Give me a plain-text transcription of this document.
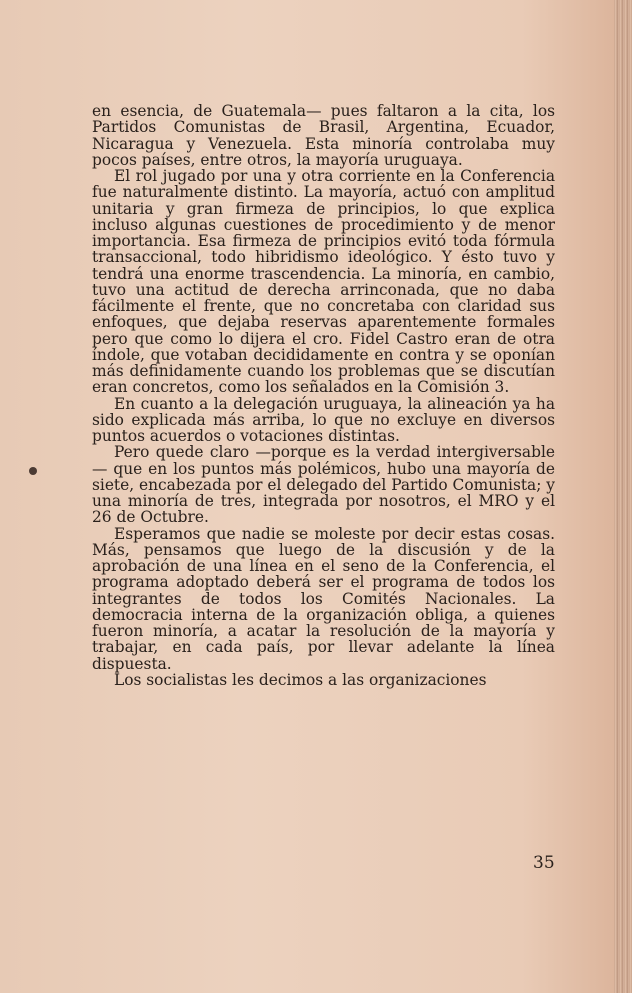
en esencia, de Guatemala— pues faltaron a la cita, los Partidos Comunistas de Brasil, Argentina, Ecuador, Nicaragua y Venezuela. Esta minoría controlaba muy pocos países, entre otros, la mayoría uruguaya.

El rol jugado por una y otra corriente en la Conferencia fue naturalmente distinto. La mayoría, actuó con amplitud unitaria y gran firmeza de principios, lo que explica incluso algunas cuestiones de procedimiento y de menor importancia. Esa firmeza de principios evitó toda fórmula transaccional, todo hibridismo ideológico. Y ésto tuvo y tendrá una enorme trascendencia. La minoría, en cambio, tuvo una actitud de derecha arrinconada, que no daba fácilmente el frente, que no concretaba con claridad sus enfoques, que dejaba reservas aparentemente formales pero que como lo dijera el cro. Fidel Castro eran de otra índole, que votaban decididamente en contra y se oponían más definidamente cuando los problemas que se discutían eran concretos, como los señalados en la Comisión 3.

En cuanto a la delegación uruguaya, la alineación ya ha sido explicada más arriba, lo que no excluye en diversos puntos acuerdos o votaciones distintas.

Pero quede claro —porque es la verdad intergiversable— que en los puntos más polémicos, hubo una mayoría de siete, encabezada por el delegado del Partido Comunista; y una minoría de tres, integrada por nosotros, el MRO y el 26 de Octubre.

Esperamos que nadie se moleste por decir estas cosas. Más, pensamos que luego de la discusión y de la aprobación de una línea en el seno de la Conferencia, el programa adoptado deberá ser el programa de todos los integrantes de todos los Comités Nacionales. La democracia interna de la organización obliga, a quienes fueron minoría, a acatar la resolución de la mayoría y trabajar, en cada país, por llevar adelante la línea dispuesta.

Los socialistas les decimos a las organizaciones

35
